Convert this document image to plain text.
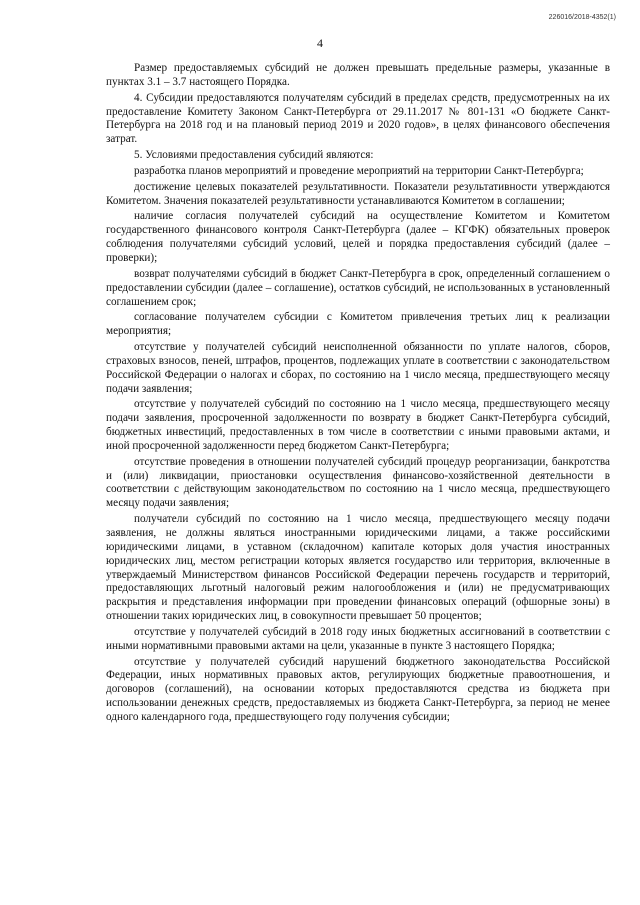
226016/2018-4352(1)
4

Размер предоставляемых субсидий не должен превышать предельные размеры, указанные в пунктах 3.1 – 3.7 настоящего Порядка.

4. Субсидии предоставляются получателям субсидий в пределах средств, предусмотренных на их предоставление Комитету Законом Санкт-Петербурга от 29.11.2017 № 801-131 «О бюджете Санкт-Петербурга на 2018 год и на плановый период 2019 и 2020 годов», в целях финансового обеспечения затрат.

5. Условиями предоставления субсидий являются:

разработка планов мероприятий и проведение мероприятий на территории Санкт-Петербурга;

достижение целевых показателей результативности. Показатели результативности утверждаются Комитетом. Значения показателей результативности устанавливаются Комитетом в соглашении;

наличие согласия получателей субсидий на осуществление Комитетом и Комитетом государственного финансового контроля Санкт-Петербурга (далее – КГФК) обязательных проверок соблюдения получателями субсидий условий, целей и порядка предоставления субсидий (далее – проверки);

возврат получателями субсидий в бюджет Санкт-Петербурга в срок, определенный соглашением о предоставлении субсидии (далее – соглашение), остатков субсидий, не использованных в установленный соглашением срок;

согласование получателем субсидии с Комитетом привлечения третьих лиц к реализации мероприятия;

отсутствие у получателей субсидий неисполненной обязанности по уплате налогов, сборов, страховых взносов, пеней, штрафов, процентов, подлежащих уплате в соответствии с законодательством Российской Федерации о налогах и сборах, по состоянию на 1 число месяца, предшествующего месяцу подачи заявления;

отсутствие у получателей субсидий по состоянию на 1 число месяца, предшествующего месяцу подачи заявления, просроченной задолженности по возврату в бюджет Санкт-Петербурга субсидий, бюджетных инвестиций, предоставленных в том числе в соответствии с иными правовыми актами, и иной просроченной задолженности перед бюджетом Санкт-Петербурга;

отсутствие проведения в отношении получателей субсидий процедур реорганизации, банкротства и (или) ликвидации, приостановки осуществления финансово-хозяйственной деятельности в соответствии с действующим законодательством по состоянию на 1 число месяца, предшествующего месяцу подачи заявления;

получатели субсидий по состоянию на 1 число месяца, предшествующего месяцу подачи заявления, не должны являться иностранными юридическими лицами, а также российскими юридическими лицами, в уставном (складочном) капитале которых доля участия иностранных юридических лиц, местом регистрации которых является государство или территория, включенные в утверждаемый Министерством финансов Российской Федерации перечень государств и территорий, предоставляющих льготный налоговый режим налогообложения и (или) не предусматривающих раскрытия и представления информации при проведении финансовых операций (офшорные зоны) в отношении таких юридических лиц, в совокупности превышает 50 процентов;

отсутствие у получателей субсидий в 2018 году иных бюджетных ассигнований в соответствии с иными нормативными правовыми актами на цели, указанные в пункте 3 настоящего Порядка;

отсутствие у получателей субсидий нарушений бюджетного законодательства Российской Федерации, иных нормативных правовых актов, регулирующих бюджетные правоотношения, и договоров (соглашений), на основании которых предоставляются средства из бюджета при использовании денежных средств, предоставляемых из бюджета Санкт-Петербурга, за период не менее одного календарного года, предшествующего году получения субсидии;
